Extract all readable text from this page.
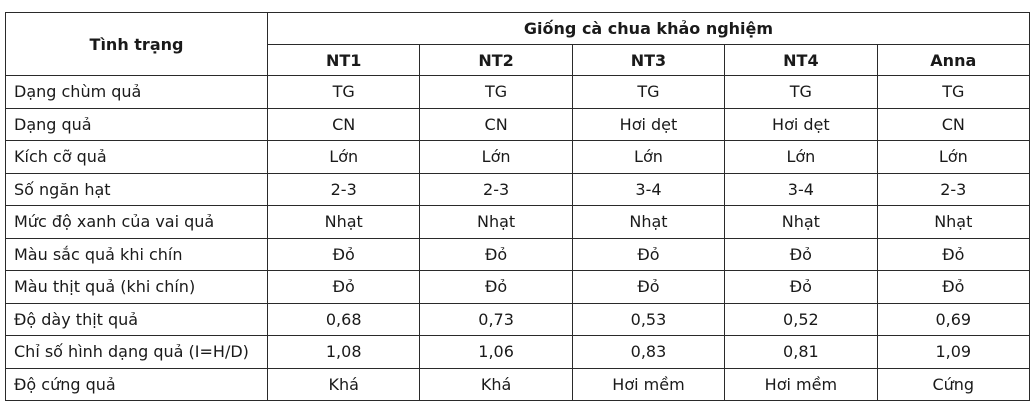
Tình trạng	Giống cà chua khảo nghiệm				
	NT1	NT2	NT3	NT4	Anna
Dạng chùm quả	TG	TG	TG	TG	TG
Dạng quả	CN	CN	Hơi dẹt	Hơi dẹt	CN
Kích cỡ quả	Lớn	Lớn	Lớn	Lớn	Lớn
Số ngăn hạt	2-3	2-3	3-4	3-4	2-3
Mức độ xanh của vai quả	Nhạt	Nhạt	Nhạt	Nhạt	Nhạt
Màu sắc quả khi chín	Đỏ	Đỏ	Đỏ	Đỏ	Đỏ
Màu thịt quả (khi chín)	Đỏ	Đỏ	Đỏ	Đỏ	Đỏ
Độ dày thịt quả	0,68	0,73	0,53	0,52	0,69
Chỉ số hình dạng quả (I=H/D)	1,08	1,06	0,83	0,81	1,09
Độ cứng quả	Khá	Khá	Hơi mềm	Hơi mềm	Cứng
